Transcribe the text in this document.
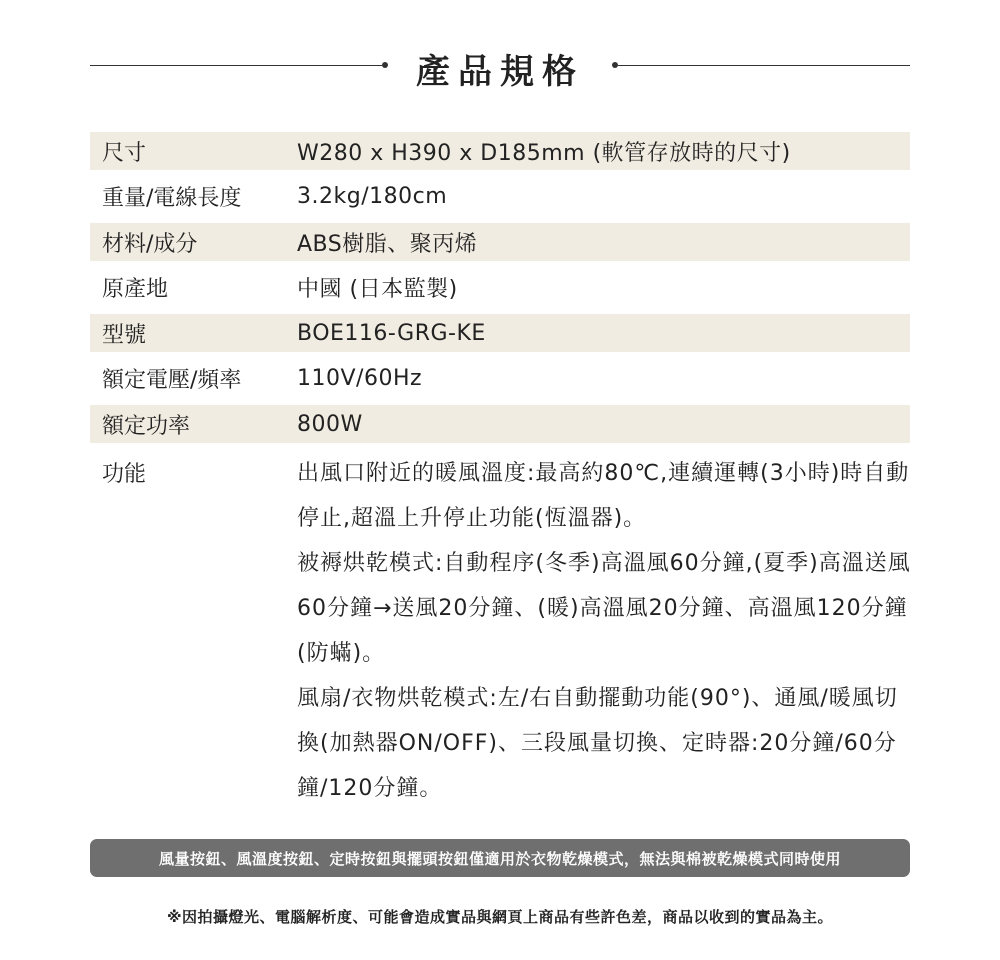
產品規格
尺寸	W280 x H390 x D185mm (軟管存放時的尺寸)
重量/電線長度	3.2kg/180cm
材料/成分	ABS樹脂、聚丙烯
原產地	中國 (日本監製)
型號	BOE116-GRG-KE
額定電壓/頻率	110V/60Hz
額定功率	800W
功能	出風口附近的暖風溫度:最高約80℃,連續運轉(3小時)時自動停止,超溫上升停止功能(恆溫器)。
被褥烘乾模式:自動程序(冬季)高溫風60分鐘,(夏季)高溫送風60分鐘→送風20分鐘、(暖)高溫風20分鐘、高溫風120分鐘(防蟎)。
風扇/衣物烘乾模式:左/右自動擺動功能(90°)、通風/暖風切換(加熱器ON/OFF)、三段風量切換、定時器:20分鐘/60分鐘/120分鐘。
風量按鈕、風溫度按鈕、定時按鈕與擺頭按鈕僅適用於衣物乾燥模式，無法與棉被乾燥模式同時使用
※因拍攝燈光、電腦解析度、可能會造成實品與網頁上商品有些許色差，商品以收到的實品為主。
